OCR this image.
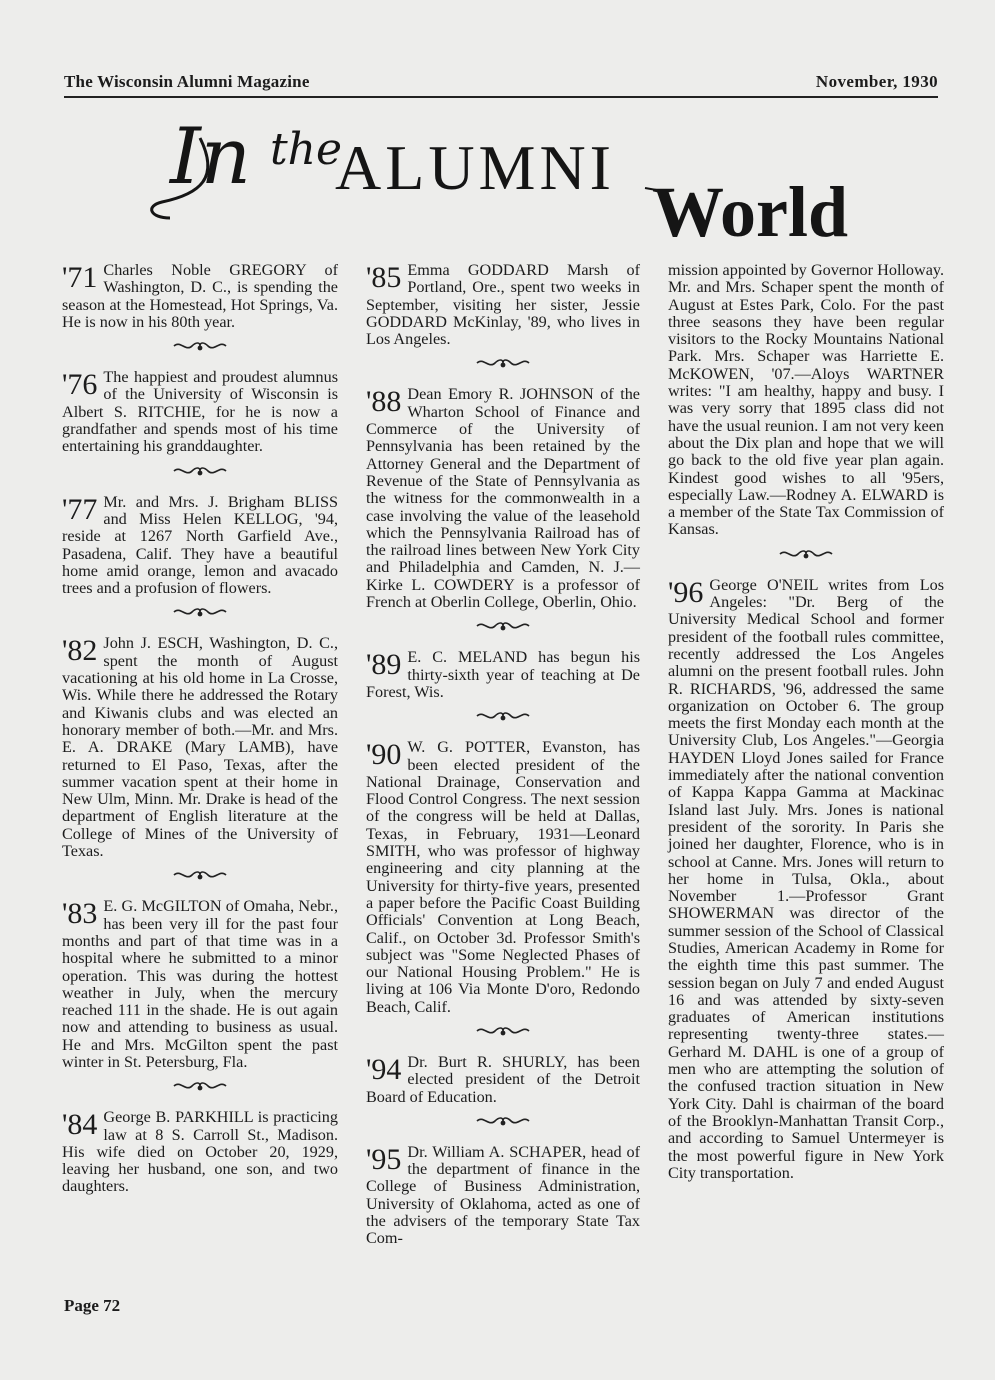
The Wisconsin Alumni Magazine	November, 1930
In the
ALUMNI
World

'71 Charles Noble GREGORY of Washington, D. C., is spending the season at the Homestead, Hot Springs, Va. He is now in his 80th year.

'76 The happiest and proudest alumnus of the University of Wisconsin is Albert S. RITCHIE, for he is now a grandfather and spends most of his time entertaining his granddaughter.

'77 Mr. and Mrs. J. Brigham BLISS and Miss Helen KELLOG, '94, reside at 1267 North Garfield Ave., Pasadena, Calif. They have a beautiful home amid orange, lemon and avacado trees and a profusion of flowers.

'82 John J. ESCH, Washington, D. C., spent the month of August vacationing at his old home in La Crosse, Wis. While there he addressed the Rotary and Kiwanis clubs and was elected an honorary member of both.—Mr. and Mrs. E. A. DRAKE (Mary LAMB), have returned to El Paso, Texas, after the summer vacation spent at their home in New Ulm, Minn. Mr. Drake is head of the department of English literature at the College of Mines of the University of Texas.

'83 E. G. McGILTON of Omaha, Nebr., has been very ill for the past four months and part of that time was in a hospital where he submitted to a minor operation. This was during the hottest weather in July, when the mercury reached 111 in the shade. He is out again now and attending to business as usual. He and Mrs. McGilton spent the past winter in St. Petersburg, Fla.

'84 George B. PARKHILL is practicing law at 8 S. Carroll St., Madison. His wife died on October 20, 1929, leaving her husband, one son, and two daughters.

'85 Emma GODDARD Marsh of Portland, Ore., spent two weeks in September, visiting her sister, Jessie GODDARD McKinlay, '89, who lives in Los Angeles.

'88 Dean Emory R. JOHNSON of the Wharton School of Finance and Commerce of the University of Pennsylvania has been retained by the Attorney General and the Department of Revenue of the State of Pennsylvania as the witness for the commonwealth in a case involving the value of the leasehold which the Pennsylvania Railroad has of the railroad lines between New York City and Philadelphia and Camden, N. J.—Kirke L. COWDERY is a professor of French at Oberlin College, Oberlin, Ohio.

'89 E. C. MELAND has begun his thirty-sixth year of teaching at De Forest, Wis.

'90 W. G. POTTER, Evanston, has been elected president of the National Drainage, Conservation and Flood Control Congress. The next session of the congress will be held at Dallas, Texas, in February, 1931—Leonard SMITH, who was professor of highway engineering and city planning at the University for thirty-five years, presented a paper before the Pacific Coast Building Officials' Convention at Long Beach, Calif., on October 3d. Professor Smith's subject was "Some Neglected Phases of our National Housing Problem." He is living at 106 Via Monte D'oro, Redondo Beach, Calif.

'94 Dr. Burt R. SHURLY, has been elected president of the Detroit Board of Education.

'95 Dr. William A. SCHAPER, head of the department of finance in the College of Business Administration, University of Oklahoma, acted as one of the advisers of the temporary State Tax Com-

mission appointed by Governor Holloway. Mr. and Mrs. Schaper spent the month of August at Estes Park, Colo. For the past three seasons they have been regular visitors to the Rocky Mountains National Park. Mrs. Schaper was Harriette E. McKOWEN, '07.—Aloys WARTNER writes: "I am healthy, happy and busy. I was very sorry that 1895 class did not have the usual reunion. I am not very keen about the Dix plan and hope that we will go back to the old five year plan again. Kindest good wishes to all '95ers, especially Law.—Rodney A. ELWARD is a member of the State Tax Commission of Kansas.

'96 George O'NEIL writes from Los Angeles: "Dr. Berg of the University Medical School and former president of the football rules committee, recently addressed the Los Angeles alumni on the present football rules. John R. RICHARDS, '96, addressed the same organization on October 6. The group meets the first Monday each month at the University Club, Los Angeles."—Georgia HAYDEN Lloyd Jones sailed for France immediately after the national convention of Kappa Kappa Gamma at Mackinac Island last July. Mrs. Jones is national president of the sorority. In Paris she joined her daughter, Florence, who is in school at Canne. Mrs. Jones will return to her home in Tulsa, Okla., about November 1.—Professor Grant SHOWERMAN was director of the summer session of the School of Classical Studies, American Academy in Rome for the eighth time this past summer. The session began on July 7 and ended August 16 and was attended by sixty-seven graduates of American institutions representing twenty-three states.—Gerhard M. DAHL is one of a group of men who are attempting the solution of the confused traction situation in New York City. Dahl is chairman of the board of the Brooklyn-Manhattan Transit Corp., and according to Samuel Untermeyer is the most powerful figure in New York City transportation.

Page 72
